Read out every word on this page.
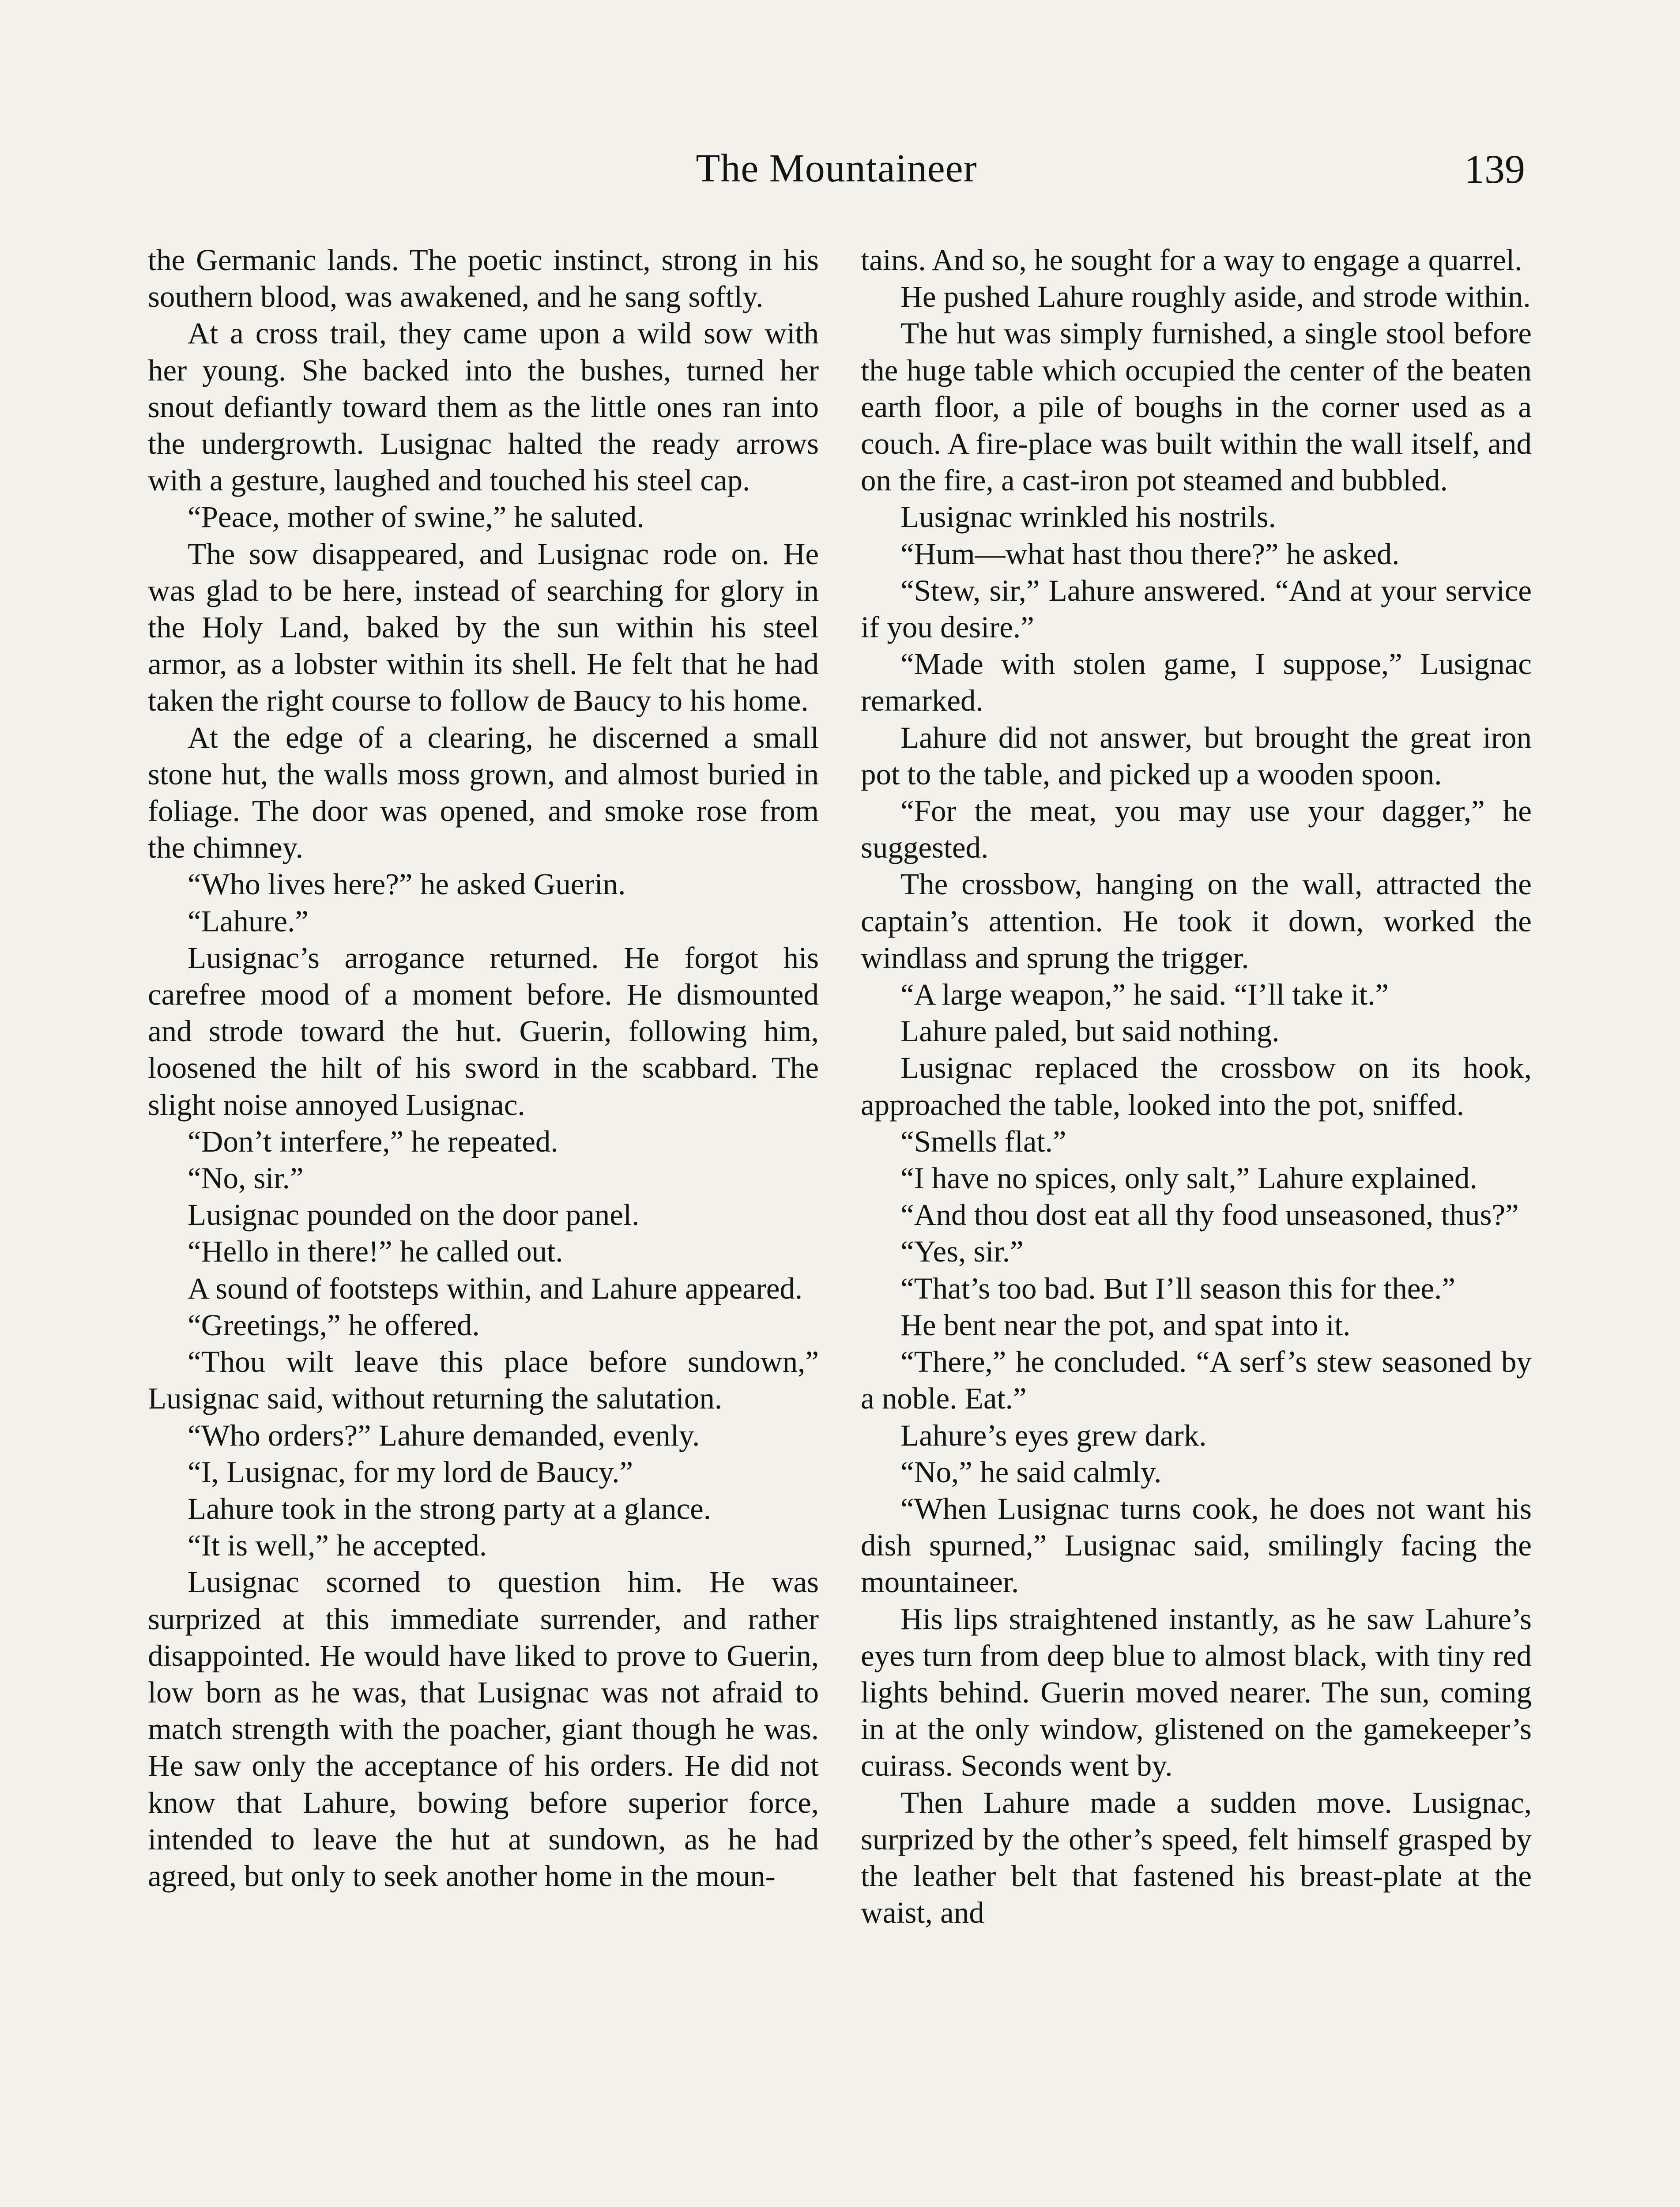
The Mountaineer	139

the Germanic lands. The poetic instinct, strong in his southern blood, was awakened, and he sang softly.

At a cross trail, they came upon a wild sow with her young. She backed into the bushes, turned her snout defiantly toward them as the little ones ran into the undergrowth. Lusignac halted the ready arrows with a gesture, laughed and touched his steel cap.

“Peace, mother of swine,” he saluted.

The sow disappeared, and Lusignac rode on. He was glad to be here, instead of searching for glory in the Holy Land, baked by the sun within his steel armor, as a lobster within its shell. He felt that he had taken the right course to follow de Baucy to his home.

At the edge of a clearing, he discerned a small stone hut, the walls moss grown, and almost buried in foliage. The door was opened, and smoke rose from the chimney.

“Who lives here?” he asked Guerin.

“Lahure.”

Lusignac’s arrogance returned. He forgot his carefree mood of a moment before. He dismounted and strode toward the hut. Guerin, following him, loosened the hilt of his sword in the scabbard. The slight noise annoyed Lusignac.

“Don’t interfere,” he repeated.

“No, sir.”

Lusignac pounded on the door panel.

“Hello in there!” he called out.

A sound of footsteps within, and Lahure appeared.

“Greetings,” he offered.

“Thou wilt leave this place before sundown,” Lusignac said, without returning the salutation.

“Who orders?” Lahure demanded, evenly.

“I, Lusignac, for my lord de Baucy.”

Lahure took in the strong party at a glance.

“It is well,” he accepted.

Lusignac scorned to question him. He was surprized at this immediate surrender, and rather disappointed. He would have liked to prove to Guerin, low born as he was, that Lusignac was not afraid to match strength with the poacher, giant though he was. He saw only the acceptance of his orders. He did not know that Lahure, bowing before superior force, intended to leave the hut at sundown, as he had agreed, but only to seek another home in the moun-

tains. And so, he sought for a way to engage a quarrel.

He pushed Lahure roughly aside, and strode within.

The hut was simply furnished, a single stool before the huge table which occupied the center of the beaten earth floor, a pile of boughs in the corner used as a couch. A fire-place was built within the wall itself, and on the fire, a cast-iron pot steamed and bubbled.

Lusignac wrinkled his nostrils.

“Hum—what hast thou there?” he asked.

“Stew, sir,” Lahure answered. “And at your service if you desire.”

“Made with stolen game, I suppose,” Lusignac remarked.

Lahure did not answer, but brought the great iron pot to the table, and picked up a wooden spoon.

“For the meat, you may use your dagger,” he suggested.

The crossbow, hanging on the wall, attracted the captain’s attention. He took it down, worked the windlass and sprung the trigger.

“A large weapon,” he said. “I’ll take it.”

Lahure paled, but said nothing.

Lusignac replaced the crossbow on its hook, approached the table, looked into the pot, sniffed.

“Smells flat.”

“I have no spices, only salt,” Lahure explained.

“And thou dost eat all thy food unseasoned, thus?”

“Yes, sir.”

“That’s too bad. But I’ll season this for thee.”

He bent near the pot, and spat into it.

“There,” he concluded. “A serf’s stew seasoned by a noble. Eat.”

Lahure’s eyes grew dark.

“No,” he said calmly.

“When Lusignac turns cook, he does not want his dish spurned,” Lusignac said, smilingly facing the mountaineer.

His lips straightened instantly, as he saw Lahure’s eyes turn from deep blue to almost black, with tiny red lights behind. Guerin moved nearer. The sun, coming in at the only window, glistened on the gamekeeper’s cuirass. Seconds went by.

Then Lahure made a sudden move. Lusignac, surprized by the other’s speed, felt himself grasped by the leather belt that fastened his breast-plate at the waist, and
